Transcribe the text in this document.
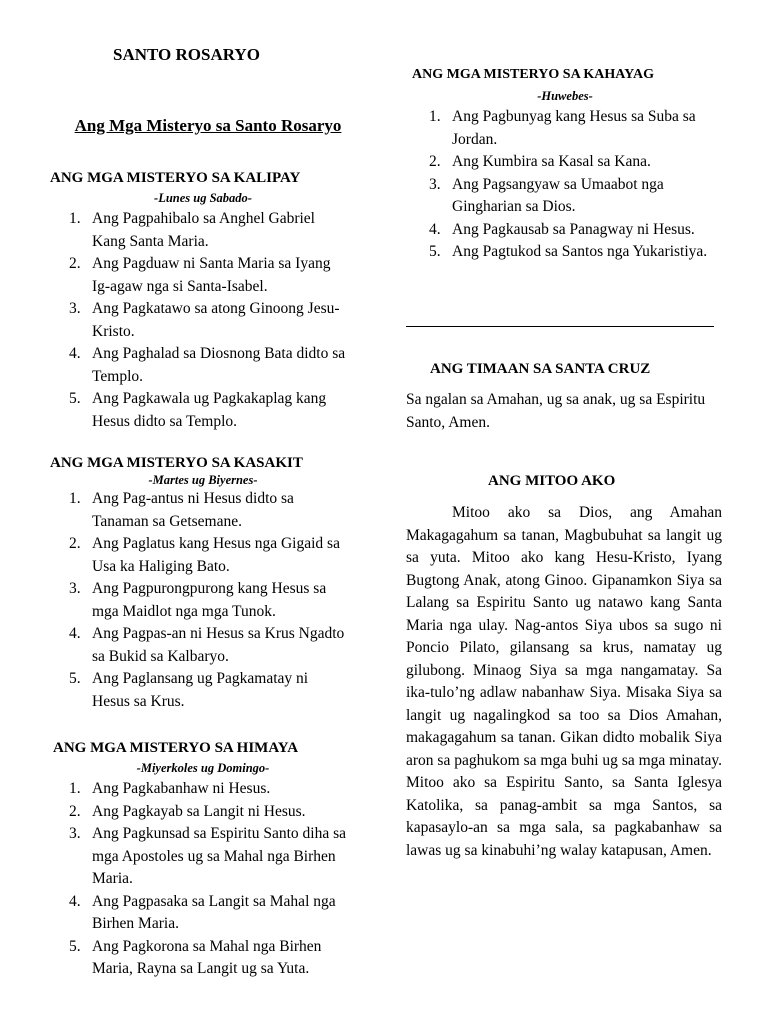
SANTO ROSARYO
Ang Mga Misteryo sa Santo Rosaryo
ANG MGA MISTERYO SA KALIPAY
-Lunes ug Sabado-
1. Ang Pagpahibalo sa Anghel Gabriel Kang Santa Maria.
2. Ang Pagduaw ni Santa Maria sa Iyang Ig-agaw nga si Santa-Isabel.
3. Ang Pagkatawo sa atong Ginoong Jesu-Kristo.
4. Ang Paghalad sa Diosnong Bata didto sa Templo.
5. Ang Pagkawala ug Pagkakaplag kang Hesus didto sa Templo.
ANG MGA MISTERYO SA KASAKIT
-Martes ug Biyernes-
1. Ang Pag-antus ni Hesus didto sa Tanaman sa Getsemane.
2. Ang Paglatus kang Hesus nga Gigaid sa Usa ka Haliging Bato.
3. Ang Pagpurongpurong kang Hesus sa mga Maidlot nga mga Tunok.
4. Ang Pagpas-an ni Hesus sa Krus Ngadto sa Bukid sa Kalbaryo.
5. Ang Paglansang ug Pagkamatay ni Hesus sa Krus.
ANG MGA MISTERYO SA HIMAYA
-Miyerkoles ug Domingo-
1. Ang Pagkabanhaw ni Hesus.
2. Ang Pagkayab sa Langit ni Hesus.
3. Ang Pagkunsad sa Espiritu Santo diha sa mga Apostoles ug sa Mahal nga Birhen Maria.
4. Ang Pagpasaka sa Langit sa Mahal nga Birhen Maria.
5. Ang Pagkorona sa Mahal nga Birhen Maria, Rayna sa Langit ug sa Yuta.
ANG MGA MISTERYO SA KAHAYAG
-Huwebes-
1. Ang Pagbunyag kang Hesus sa Suba sa Jordan.
2. Ang Kumbira sa Kasal sa Kana.
3. Ang Pagsangyaw sa Umaabot nga Gingharian sa Dios.
4. Ang Pagkausab sa Panagway ni Hesus.
5. Ang Pagtukod sa Santos nga Yukaristiya.
ANG TIMAAN SA SANTA CRUZ
Sa ngalan sa Amahan, ug sa anak, ug sa Espiritu Santo, Amen.
ANG MITOO AKO
Mitoo ako sa Dios, ang Amahan Makagagahum sa tanan, Magbubuhat sa langit ug sa yuta. Mitoo ako kang Hesu-Kristo, Iyang Bugtong Anak, atong Ginoo. Gipanamkon Siya sa Lalang sa Espiritu Santo ug natawo kang Santa Maria nga ulay. Nag-antos Siya ubos sa sugo ni Poncio Pilato, gilansang sa krus, namatay ug gilubong. Minaog Siya sa mga nangamatay. Sa ika-tulo’ng adlaw nabanhaw Siya. Misaka Siya sa langit ug nagalingkod sa too sa Dios Amahan, makagagahum sa tanan. Gikan didto mobalik Siya aron sa paghukom sa mga buhi ug sa mga minatay. Mitoo ako sa Espiritu Santo, sa Santa Iglesya Katolika, sa panag-ambit sa mga Santos, sa kapasaylo-an sa mga sala, sa pagkabanhaw sa lawas ug sa kinabuhi’ng walay katapusan, Amen.
